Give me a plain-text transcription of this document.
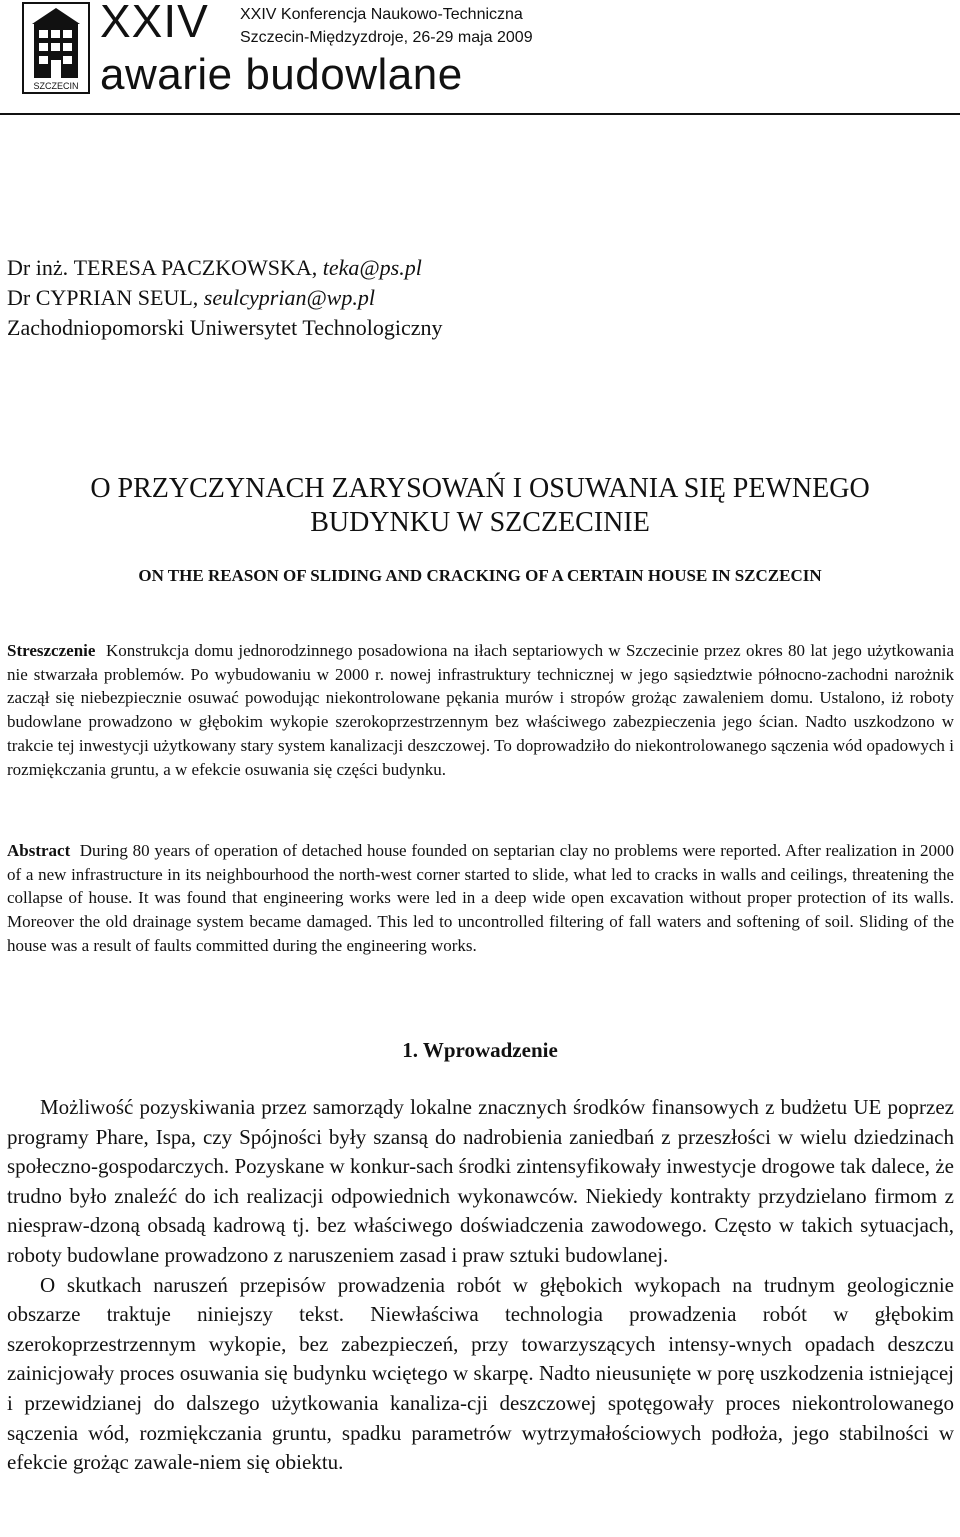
SZCZECIN
XXIV XXIV Konferencja Naukowo-Techniczna
Szczecin-Międzyzdroje, 26-29 maja 2009
awarie budowlane
Dr inż. TERESA PACZKOWSKA, teka@ps.pl
Dr CYPRIAN SEUL, seulcyprian@wp.pl
Zachodniopomorski Uniwersytet Technologiczny
O PRZYCZYNACH ZARYSOWAŃ I OSUWANIA SIĘ PEWNEGO
BUDYNKU W SZCZECINIE
ON THE REASON OF SLIDING AND CRACKING OF A CERTAIN HOUSE IN SZCZECIN
Streszczenie Konstrukcja domu jednorodzinnego posadowiona na iłach septariowych w Szczecinie przez okres 80 lat jego użytkowania nie stwarzała problemów. Po wybudowaniu w 2000 r. nowej infrastruktury technicznej w jego sąsiedztwie północno-zachodni narożnik zaczął się niebezpiecznie osuwać powodując niekontrolowane pękania murów i stropów grożąc zawaleniem domu. Ustalono, iż roboty budowlane prowadzono w głębokim wykopie szerokoprzestrzennym bez właściwego zabezpieczenia jego ścian. Nadto uszkodzono w trakcie tej inwestycji użytkowany stary system kanalizacji deszczowej. To doprowadziło do niekontrolowanego sączenia wód opadowych i rozmiękczania gruntu, a w efekcie osuwania się części budynku.
Abstract During 80 years of operation of detached house founded on septarian clay no problems were reported. After realization in 2000 of a new infrastructure in its neighbourhood the north-west corner started to slide, what led to cracks in walls and ceilings, threatening the collapse of house. It was found that engineering works were led in a deep wide open excavation without proper protection of its walls. Moreover the old drainage system became damaged. This led to uncontrolled filtering of fall waters and softening of soil. Sliding of the house was a result of faults committed during the engineering works.
1. Wprowadzenie

Możliwość pozyskiwania przez samorządy lokalne znacznych środków finansowych z budżetu UE poprzez programy Phare, Ispa, czy Spójności były szansą do nadrobienia zaniedbań z przeszłości w wielu dziedzinach społeczno-gospodarczych. Pozyskane w konkur-sach środki zintensyfikowały inwestycje drogowe tak dalece, że trudno było znaleźć do ich realizacji odpowiednich wykonawców. Niekiedy kontrakty przydzielano firmom z niespraw-dzoną obsadą kadrową tj. bez właściwego doświadczenia zawodowego. Często w takich sytuacjach, roboty budowlane prowadzono z naruszeniem zasad i praw sztuki budowlanej.

O skutkach naruszeń przepisów prowadzenia robót w głębokich wykopach na trudnym geologicznie obszarze traktuje niniejszy tekst. Niewłaściwa technologia prowadzenia robót w głębokim szerokoprzestrzennym wykopie, bez zabezpieczeń, przy towarzyszących intensy-wnych opadach deszczu zainicjowały proces osuwania się budynku wciętego w skarpę. Nadto nieusunięte w porę uszkodzenia istniejącej i przewidzianej do dalszego użytkowania kanaliza-cji deszczowej spotęgowały proces niekontrolowanego sączenia wód, rozmiękczania gruntu, spadku parametrów wytrzymałościowych podłoża, jego stabilności w efekcie grożąc zawale-niem się obiektu.
